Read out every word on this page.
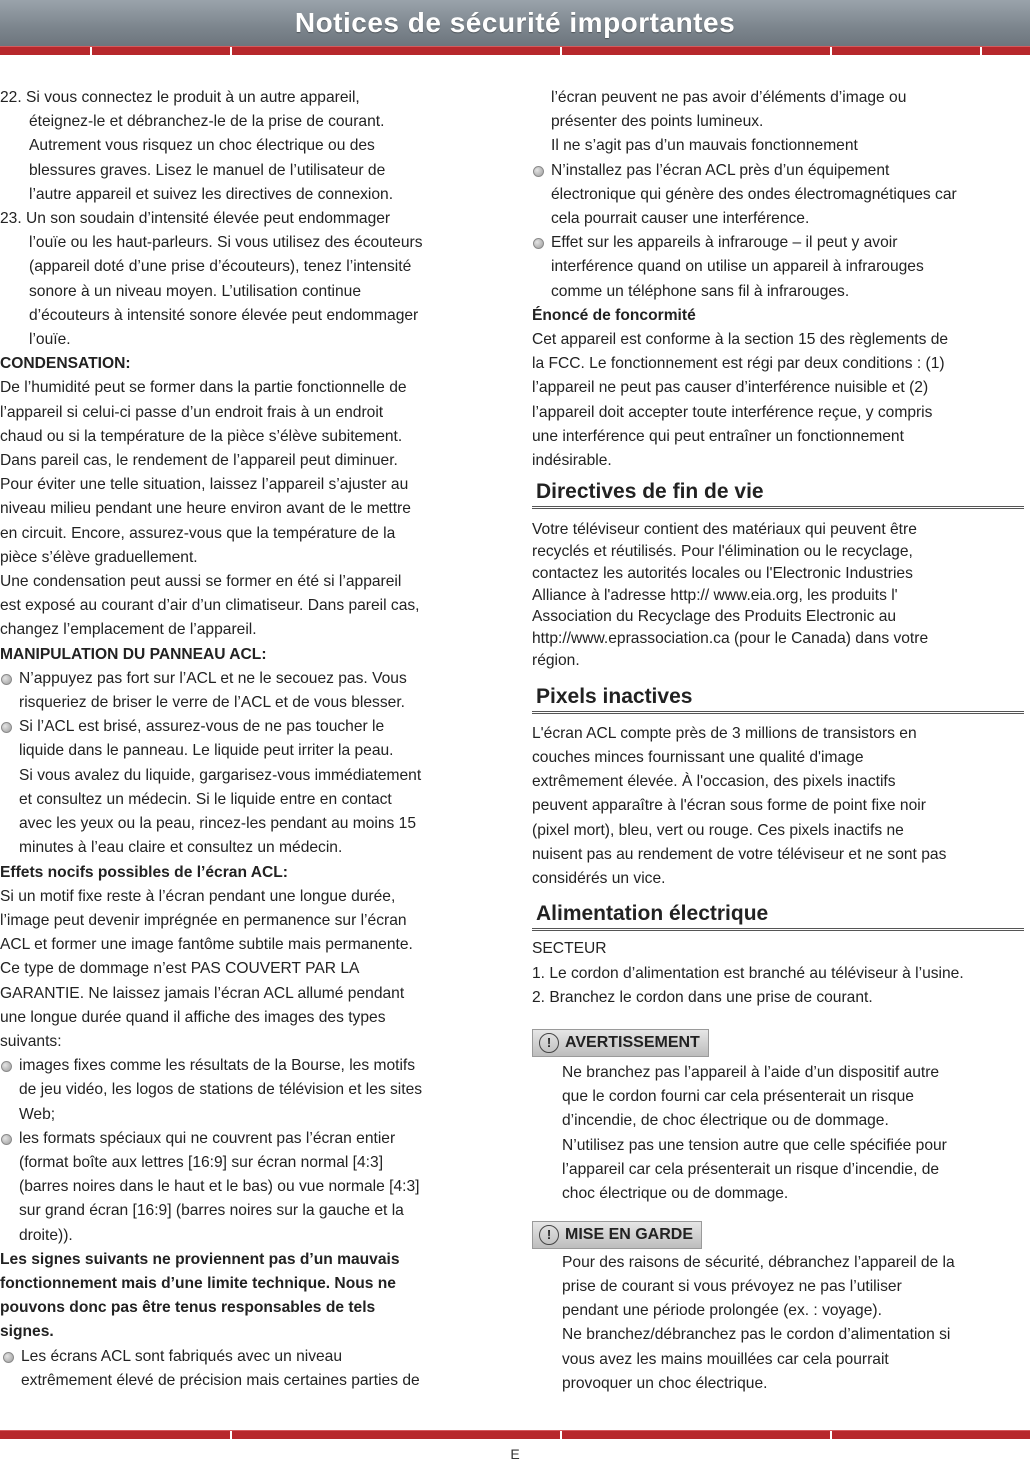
Notices de sécurité importantes

22. Si vous connectez le produit à un autre appareil,

éteignez-le et débranchez-le de la prise de courant.

Autrement vous risquez un choc électrique ou des

blessures graves. Lisez le manuel de l’utilisateur de

l’autre appareil et suivez les directives de connexion.

23. Un son soudain d’intensité élevée peut endommager

l’ouïe ou les haut-parleurs. Si vous utilisez des écouteurs

(appareil doté d’une prise d’écouteurs), tenez l’intensité

sonore à un niveau moyen. L’utilisation continue

d’écouteurs à intensité sonore élevée peut endommager

l’ouïe.

CONDENSATION:

De l’humidité peut se former dans la partie fonctionnelle de

l’appareil si celui-ci passe d’un endroit frais à un endroit

chaud ou si la température de la pièce s’élève subitement.

Dans pareil cas, le rendement de l’appareil peut diminuer.

Pour éviter une telle situation, laissez l’appareil s’ajuster au

niveau milieu pendant une heure environ avant de le mettre

en circuit. Encore, assurez-vous que la température de la

pièce s’élève graduellement.

Une condensation peut aussi se former en été si l’appareil

est exposé au courant d’air d’un climatiseur. Dans pareil cas,

changez l’emplacement de l’appareil.

MANIPULATION DU PANNEAU ACL:

N’appuyez pas fort sur l’ACL et ne le secouez pas. Vous

risqueriez de briser le verre de l’ACL et de vous blesser.

Si l’ACL est brisé, assurez-vous de ne pas toucher le

liquide dans le panneau. Le liquide peut irriter la peau.

Si vous avalez du liquide, gargarisez-vous immédiatement

et consultez un médecin. Si le liquide entre en contact

avec les yeux ou la peau, rincez-les pendant au moins 15

minutes à l’eau claire et consultez un médecin.

Effets nocifs possibles de l’écran ACL:

Si un motif fixe reste à l’écran pendant une longue durée,

l’image peut devenir imprégnée en permanence sur l’écran

ACL et former une image fantôme subtile mais permanente.

Ce type de dommage n’est PAS COUVERT PAR LA

GARANTIE. Ne laissez jamais l’écran ACL allumé pendant

une longue durée quand il affiche des images des types

suivants:

images fixes comme les résultats de la Bourse, les motifs

de jeu vidéo, les logos de stations de télévision et les sites

Web;

les formats spéciaux qui ne couvrent pas l’écran entier

(format boîte aux lettres [16:9] sur écran normal [4:3]

(barres noires dans le haut et le bas) ou vue normale [4:3]

sur grand écran [16:9] (barres noires sur la gauche et la

droite)).

Les signes suivants ne proviennent pas d’un mauvais

fonctionnement mais d’une limite technique. Nous ne

pouvons donc pas être tenus responsables de tels

signes.

Les écrans ACL sont fabriqués avec un niveau

extrêmement élevé de précision mais certaines parties de

l’écran peuvent ne pas avoir d’éléments d’image ou

présenter des points lumineux.

Il ne s’agit pas d’un mauvais fonctionnement

N’installez pas l’écran ACL près d’un équipement

électronique qui génère des ondes électromagnétiques car

cela pourrait causer une interférence.

Effet sur les appareils à infrarouge – il peut y avoir

interférence quand on utilise un appareil à infrarouges

comme un téléphone sans fil à infrarouges.

Énoncé de foncormité

Cet appareil est conforme à la section 15 des règlements de

la FCC. Le fonctionnement est régi par deux conditions : (1)

l’appareil ne peut pas causer d’interférence nuisible et (2)

l’appareil doit accepter toute interférence reçue, y compris

une interférence qui peut entraîner un fonctionnement

indésirable.

Directives de fin de vie

Votre téléviseur contient des matériaux qui peuvent être

recyclés et réutilisés. Pour l'élimination ou le recyclage,

contactez les autorités locales ou l'Electronic Industries

Alliance à l'adresse http:// www.eia.org, les produits l'

Association du Recyclage des Produits Electronic au

http://www.eprassociation.ca (pour le Canada) dans votre

région.

Pixels inactives

L'écran ACL compte près de 3 millions de transistors en

couches minces fournissant une qualité d'image

extrêmement élevée. À l'occasion, des pixels inactifs

peuvent apparaître à l'écran sous forme de point fixe noir

(pixel mort), bleu, vert ou rouge. Ces pixels inactifs ne

nuisent pas au rendement de votre téléviseur et ne sont pas

considérés un vice.

Alimentation électrique

SECTEUR

1. Le cordon d’alimentation est branché au téléviseur à l’usine.

2. Branchez le cordon dans une prise de courant.

! AVERTISSEMENT

Ne branchez pas l’appareil à l’aide d’un dispositif autre

que le cordon fourni car cela présenterait un risque

d’incendie, de choc électrique ou de dommage.

N’utilisez pas une tension autre que celle spécifiée pour

l’appareil car cela présenterait un risque d’incendie, de

choc électrique ou de dommage.

! MISE EN GARDE

Pour des raisons de sécurité, débranchez l’appareil de la

prise de courant si vous prévoyez ne pas l’utiliser

pendant une période prolongée (ex. : voyage).

Ne branchez/débranchez pas le cordon d’alimentation si

vous avez les mains mouillées car cela pourrait

provoquer un choc électrique.

E
